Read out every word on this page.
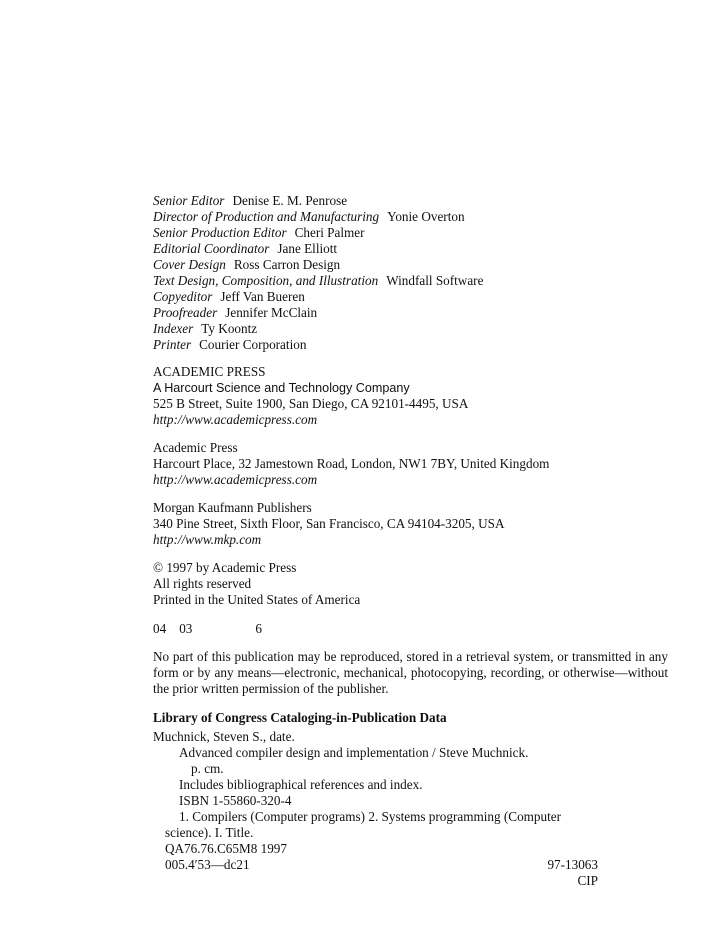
Senior Editor Denise E. M. Penrose
Director of Production and Manufacturing Yonie Overton
Senior Production Editor Cheri Palmer
Editorial Coordinator Jane Elliott
Cover Design Ross Carron Design
Text Design, Composition, and Illustration Windfall Software
Copyeditor Jeff Van Bueren
Proofreader Jennifer McClain
Indexer Ty Koontz
Printer Courier Corporation
ACADEMIC PRESS
A Harcourt Science and Technology Company
525 B Street, Suite 1900, San Diego, CA 92101-4495, USA
http://www.academicpress.com
Academic Press
Harcourt Place, 32 Jamestown Road, London, NW1 7BY, United Kingdom
http://www.academicpress.com
Morgan Kaufmann Publishers
340 Pine Street, Sixth Floor, San Francisco, CA 94104-3205, USA
http://www.mkp.com
© 1997 by Academic Press
All rights reserved
Printed in the United States of America
04 03	6
No part of this publication may be reproduced, stored in a retrieval system, or transmitted in any form or by any means—electronic, mechanical, photocopying, recording, or otherwise—without the prior written permission of the publisher.
Library of Congress Cataloging-in-Publication Data
Muchnick, Steven S., date.
Advanced compiler design and implementation / Steve Muchnick.
p. cm.
Includes bibliographical references and index.
ISBN 1-55860-320-4
1. Compilers (Computer programs) 2. Systems programming (Computer
science). I. Title.
QA76.76.C65M8 1997
005.4′53—dc21	97-13063
CIP
